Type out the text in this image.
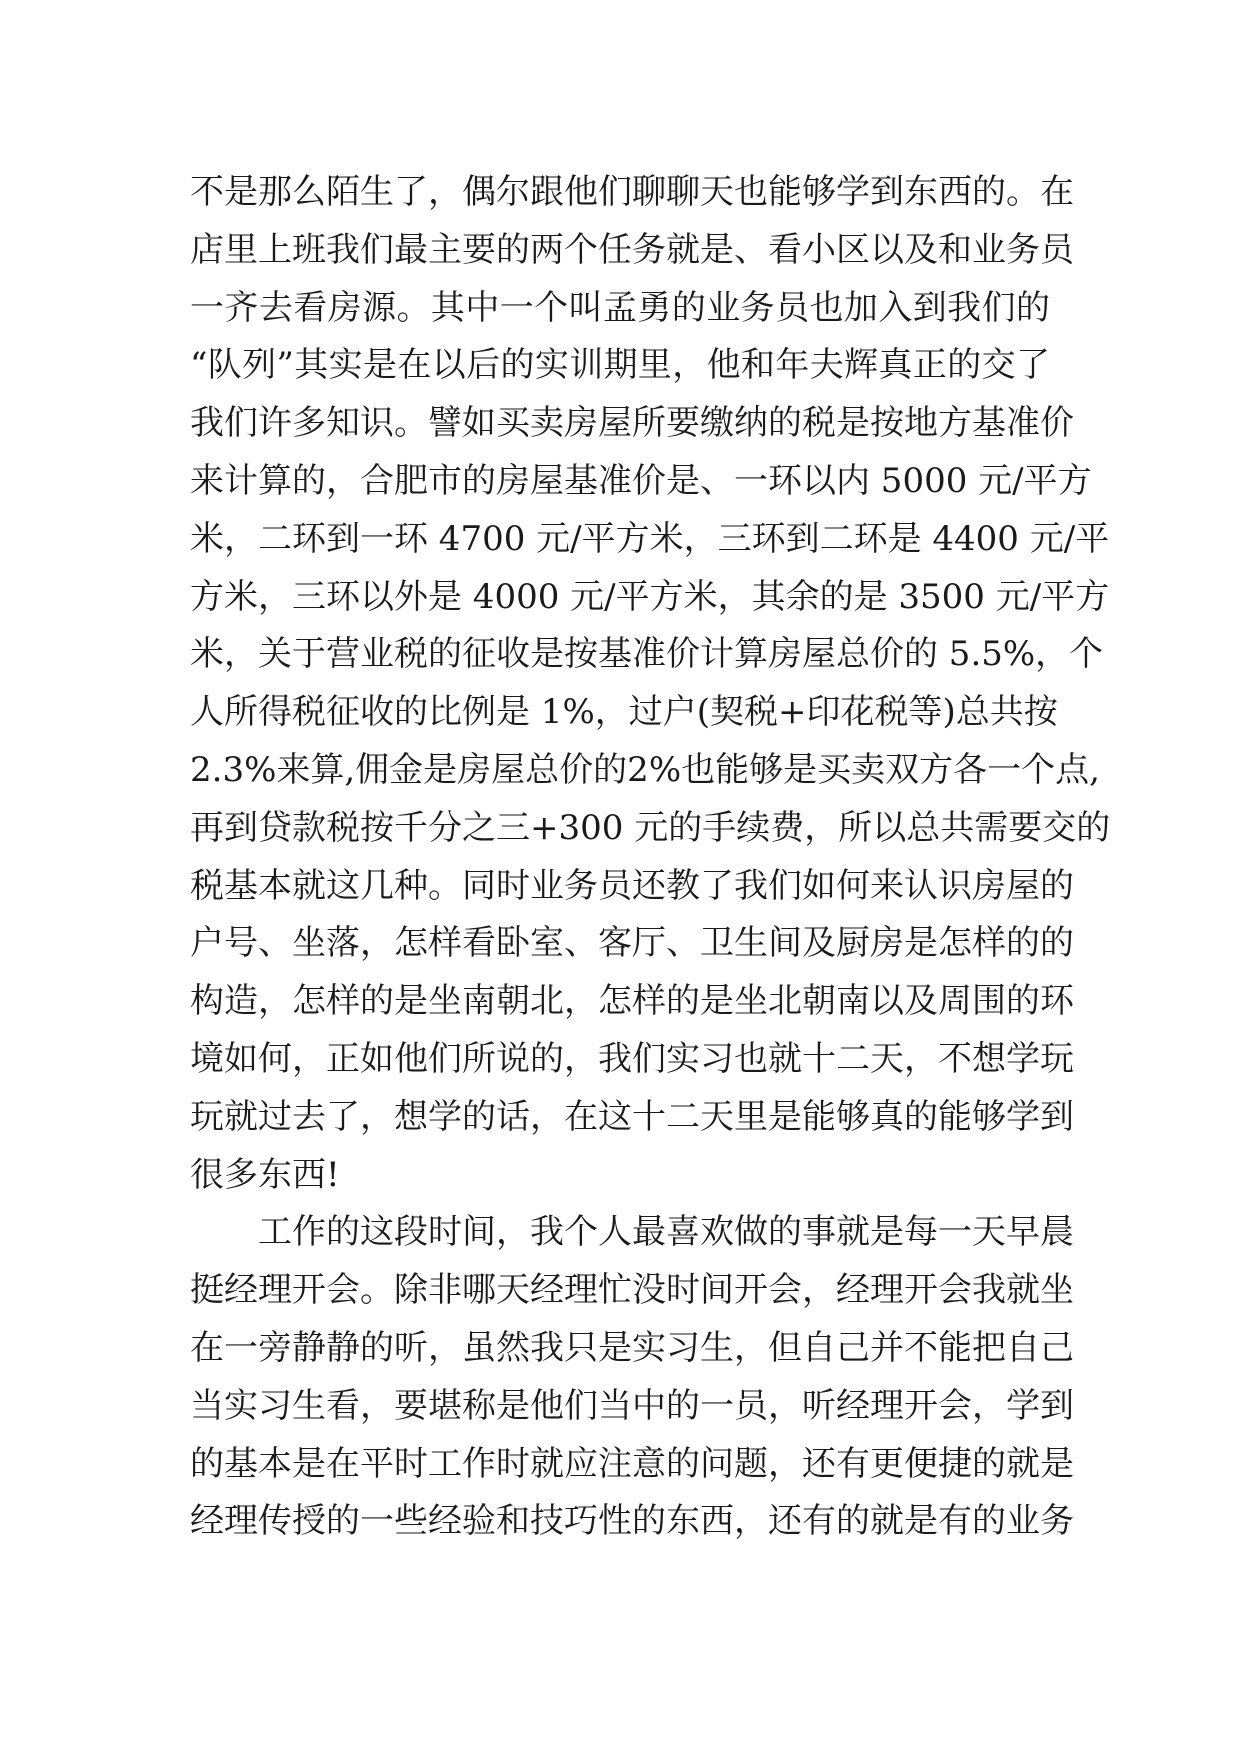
不是那么陌生了，偶尔跟他们聊聊天也能够学到东西的。在
店里上班我们最主要的两个任务就是、看小区以及和业务员
一齐去看房源。其中一个叫孟勇的业务员也加入到我们的
“队列”其实是在以后的实训期里，他和年夫辉真正的交了
我们许多知识。譬如买卖房屋所要缴纳的税是按地方基准价
来计算的，合肥市的房屋基准价是、一环以内 5000 元/平方
米，二环到一环 4700 元/平方米，三环到二环是 4400 元/平
方米，三环以外是 4000 元/平方米，其余的是 3500 元/平方
米，关于营业税的征收是按基准价计算房屋总价的 5.5%，个
人所得税征收的比例是 1%，过户(契税+印花税等)总共按
2.3%来算,佣金是房屋总价的2%也能够是买卖双方各一个点,
再到贷款税按千分之三+300 元的手续费，所以总共需要交的
税基本就这几种。同时业务员还教了我们如何来认识房屋的
户号、坐落，怎样看卧室、客厅、卫生间及厨房是怎样的的
构造，怎样的是坐南朝北，怎样的是坐北朝南以及周围的环
境如何，正如他们所说的，我们实习也就十二天，不想学玩
玩就过去了，想学的话，在这十二天里是能够真的能够学到
很多东西!
工作的这段时间，我个人最喜欢做的事就是每一天早晨
挺经理开会。除非哪天经理忙没时间开会，经理开会我就坐
在一旁静静的听，虽然我只是实习生，但自己并不能把自己
当实习生看，要堪称是他们当中的一员，听经理开会，学到
的基本是在平时工作时就应注意的问题，还有更便捷的就是
经理传授的一些经验和技巧性的东西，还有的就是有的业务
